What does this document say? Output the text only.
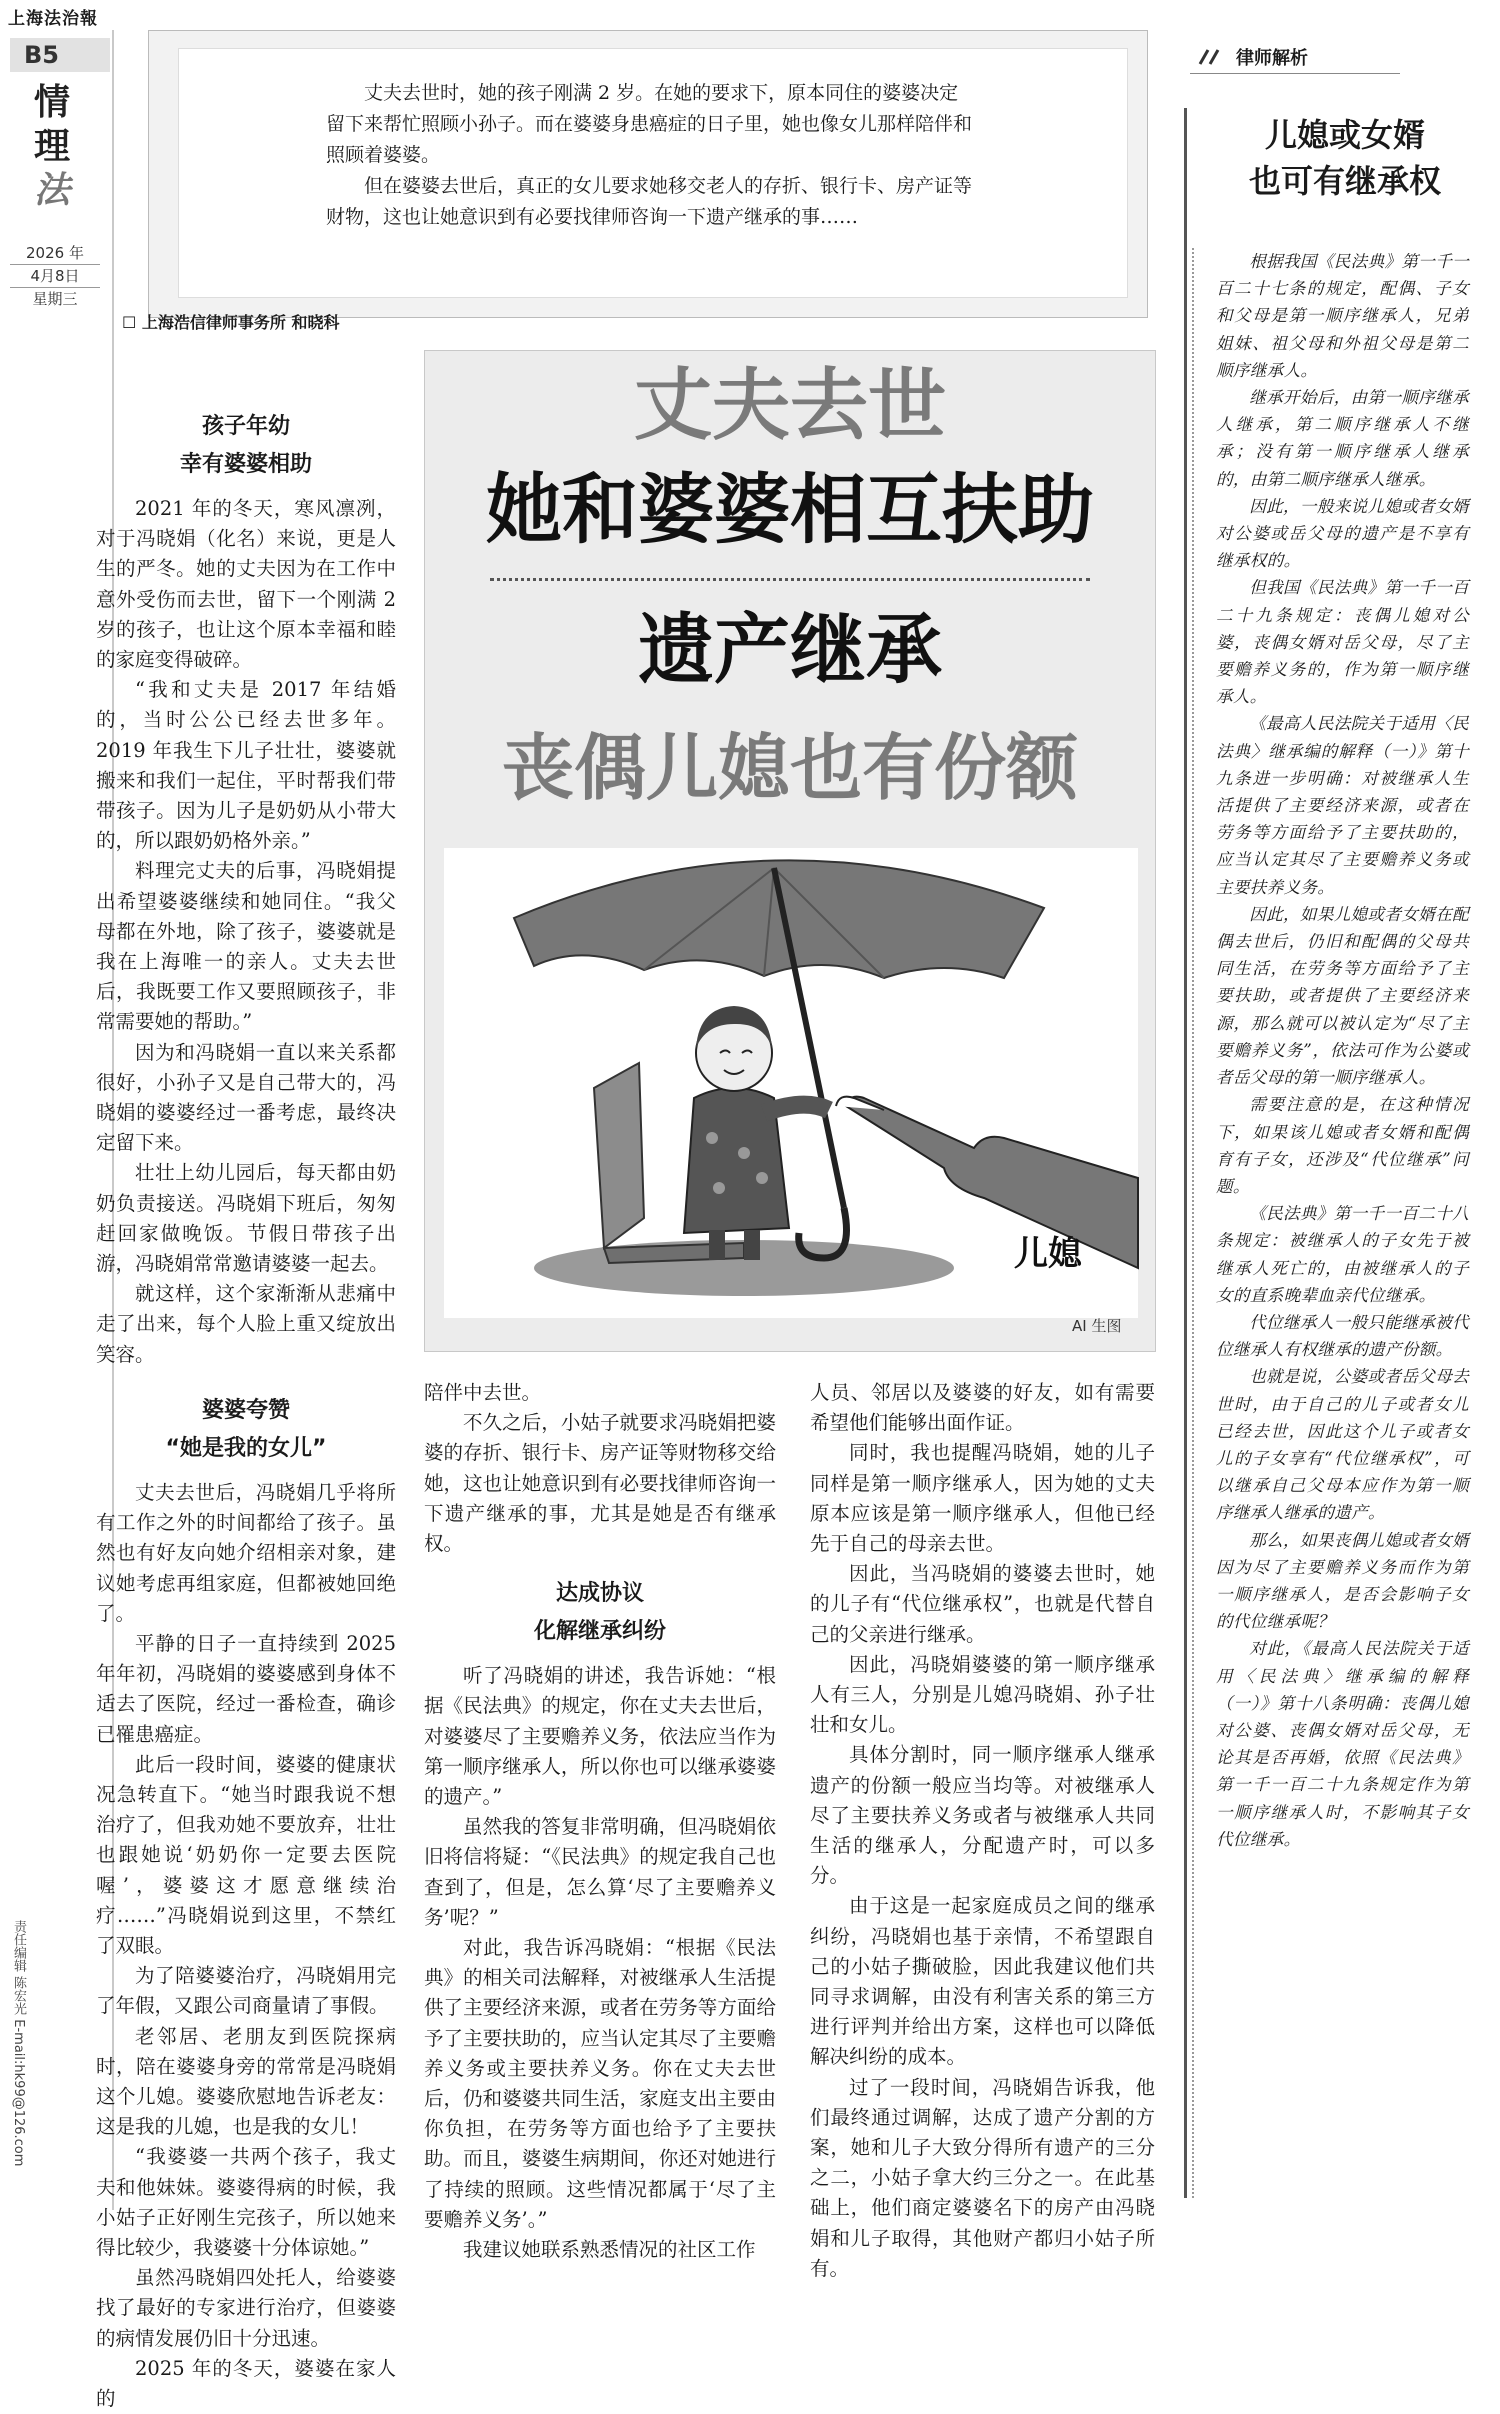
上海法治報
B5
情
理
法
2026 年
4月8日
星期三
责任编辑 陈宏光 E-mail:hk99@126.com

丈夫去世时，她的孩子刚满 2 岁。在她的要求下，原本同住的婆婆决定留下来帮忙照顾小孙子。而在婆婆身患癌症的日子里，她也像女儿那样陪伴和照顾着婆婆。

但在婆婆去世后，真正的女儿要求她移交老人的存折、银行卡、房产证等财物，这也让她意识到有必要找律师咨询一下遗产继承的事……

☐ 上海浩信律师事务所 和晓科
孩子年幼
幸有婆婆相助

2021 年的冬天，寒风凛冽，对于冯晓娟（化名）来说，更是人生的严冬。她的丈夫因为在工作中意外受伤而去世，留下一个刚满 2 岁的孩子，也让这个原本幸福和睦的家庭变得破碎。

“我和丈夫是 2017 年结婚的，当时公公已经去世多年。2019 年我生下儿子壮壮，婆婆就搬来和我们一起住，平时帮我们带带孩子。因为儿子是奶奶从小带大的，所以跟奶奶格外亲。”

料理完丈夫的后事，冯晓娟提出希望婆婆继续和她同住。“我父母都在外地，除了孩子，婆婆就是我在上海唯一的亲人。丈夫去世后，我既要工作又要照顾孩子，非常需要她的帮助。”

因为和冯晓娟一直以来关系都很好，小孙子又是自己带大的，冯晓娟的婆婆经过一番考虑，最终决定留下来。

壮壮上幼儿园后，每天都由奶奶负责接送。冯晓娟下班后，匆匆赶回家做晚饭。节假日带孩子出游，冯晓娟常常邀请婆婆一起去。

就这样，这个家渐渐从悲痛中走了出来，每个人脸上重又绽放出笑容。

婆婆夸赞
“她是我的女儿”

丈夫去世后，冯晓娟几乎将所有工作之外的时间都给了孩子。虽然也有好友向她介绍相亲对象，建议她考虑再组家庭，但都被她回绝了。

平静的日子一直持续到 2025 年年初，冯晓娟的婆婆感到身体不适去了医院，经过一番检查，确诊已罹患癌症。

此后一段时间，婆婆的健康状况急转直下。“她当时跟我说不想治疗了，但我劝她不要放弃，壮壮也跟她说‘奶奶你一定要去医院喔’，婆婆这才愿意继续治疗……”冯晓娟说到这里，不禁红了双眼。

为了陪婆婆治疗，冯晓娟用完了年假，又跟公司商量请了事假。

老邻居、老朋友到医院探病时，陪在婆婆身旁的常常是冯晓娟这个儿媳。婆婆欣慰地告诉老友：这是我的儿媳，也是我的女儿！

“我婆婆一共两个孩子，我丈夫和他妹妹。婆婆得病的时候，我小姑子正好刚生完孩子，所以她来得比较少，我婆婆十分体谅她。”

虽然冯晓娟四处托人，给婆婆找了最好的专家进行治疗，但婆婆的病情发展仍旧十分迅速。

2025 年的冬天，婆婆在家人的

丈夫去世
她和婆婆相互扶助
遗产继承
丧偶儿媳也有份额
儿媳
AI 生图

陪伴中去世。

不久之后，小姑子就要求冯晓娟把婆婆的存折、银行卡、房产证等财物移交给她，这也让她意识到有必要找律师咨询一下遗产继承的事，尤其是她是否有继承权。

达成协议
化解继承纠纷

听了冯晓娟的讲述，我告诉她：“根据《民法典》的规定，你在丈夫去世后，对婆婆尽了主要赡养义务，依法应当作为第一顺序继承人，所以你也可以继承婆婆的遗产。”

虽然我的答复非常明确，但冯晓娟依旧将信将疑：“《民法典》的规定我自己也查到了，但是，怎么算‘尽了主要赡养义务’呢？”

对此，我告诉冯晓娟：“根据《民法典》的相关司法解释，对被继承人生活提供了主要经济来源，或者在劳务等方面给予了主要扶助的，应当认定其尽了主要赡养义务或主要扶养义务。你在丈夫去世后，仍和婆婆共同生活，家庭支出主要由你负担，在劳务等方面也给予了主要扶助。而且，婆婆生病期间，你还对她进行了持续的照顾。这些情况都属于‘尽了主要赡养义务’。”

我建议她联系熟悉情况的社区工作

人员、邻居以及婆婆的好友，如有需要希望他们能够出面作证。

同时，我也提醒冯晓娟，她的儿子同样是第一顺序继承人，因为她的丈夫原本应该是第一顺序继承人，但他已经先于自己的母亲去世。

因此，当冯晓娟的婆婆去世时，她的儿子有“代位继承权”，也就是代替自己的父亲进行继承。

因此，冯晓娟婆婆的第一顺序继承人有三人，分别是儿媳冯晓娟、孙子壮壮和女儿。

具体分割时，同一顺序继承人继承遗产的份额一般应当均等。对被继承人尽了主要扶养义务或者与被继承人共同生活的继承人，分配遗产时，可以多分。

由于这是一起家庭成员之间的继承纠纷，冯晓娟也基于亲情，不希望跟自己的小姑子撕破脸，因此我建议他们共同寻求调解，由没有利害关系的第三方进行评判并给出方案，这样也可以降低解决纠纷的成本。

过了一段时间，冯晓娟告诉我，他们最终通过调解，达成了遗产分割的方案，她和儿子大致分得所有遗产的三分之二，小姑子拿大约三分之一。在此基础上，他们商定婆婆名下的房产由冯晓娟和儿子取得，其他财产都归小姑子所有。

律师解析
儿媳或女婿
也可有继承权

根据我国《民法典》第一千一百二十七条的规定，配偶、子女和父母是第一顺序继承人，兄弟姐妹、祖父母和外祖父母是第二顺序继承人。

继承开始后，由第一顺序继承人继承，第二顺序继承人不继承；没有第一顺序继承人继承的，由第二顺序继承人继承。

因此，一般来说儿媳或者女婿对公婆或岳父母的遗产是不享有继承权的。

但我国《民法典》第一千一百二十九条规定：丧偶儿媳对公婆，丧偶女婿对岳父母，尽了主要赡养义务的，作为第一顺序继承人。

《最高人民法院关于适用〈民法典〉继承编的解释（一）》第十九条进一步明确：对被继承人生活提供了主要经济来源，或者在劳务等方面给予了主要扶助的，应当认定其尽了主要赡养义务或主要扶养义务。

因此，如果儿媳或者女婿在配偶去世后，仍旧和配偶的父母共同生活，在劳务等方面给予了主要扶助，或者提供了主要经济来源，那么就可以被认定为“尽了主要赡养义务”，依法可作为公婆或者岳父母的第一顺序继承人。

需要注意的是，在这种情况下，如果该儿媳或者女婿和配偶育有子女，还涉及“代位继承”问题。

《民法典》第一千一百二十八条规定：被继承人的子女先于被继承人死亡的，由被继承人的子女的直系晚辈血亲代位继承。

代位继承人一般只能继承被代位继承人有权继承的遗产份额。

也就是说，公婆或者岳父母去世时，由于自己的儿子或者女儿已经去世，因此这个儿子或者女儿的子女享有“代位继承权”，可以继承自己父母本应作为第一顺序继承人继承的遗产。

那么，如果丧偶儿媳或者女婿因为尽了主要赡养义务而作为第一顺序继承人，是否会影响子女的代位继承呢？

对此，《最高人民法院关于适用〈民法典〉继承编的解释（一）》第十八条明确：丧偶儿媳对公婆、丧偶女婿对岳父母，无论其是否再婚，依照《民法典》第一千一百二十九条规定作为第一顺序继承人时，不影响其子女代位继承。
